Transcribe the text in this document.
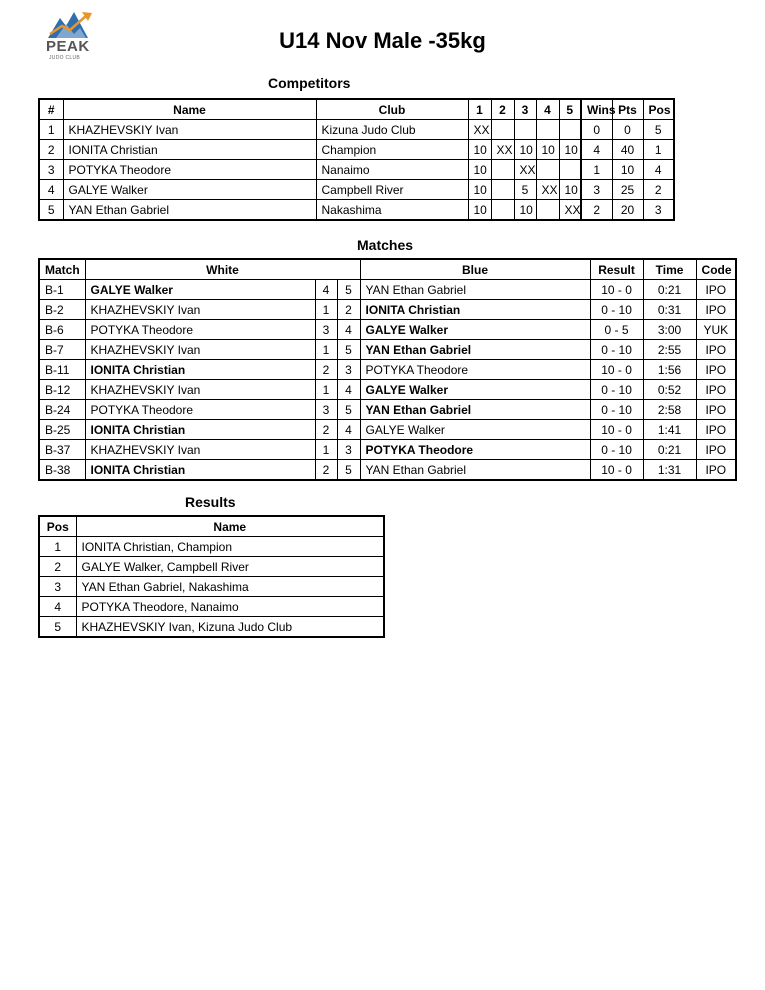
PEAK
JUDO CLUB
U14 Nov Male -35kg
Competitors
#	Name	Club	1	2	3	4	5	Wins	Pts	Pos
1	KHAZHEVSKIY Ivan	Kizuna Judo Club	XX					0	0	5
2	IONITA Christian	Champion	10	XX	10	10	10	4	40	1
3	POTYKA Theodore	Nanaimo	10		XX			1	10	4
4	GALYE Walker	Campbell River	10		5	XX	10	3	25	2
5	YAN Ethan Gabriel	Nakashima	10		10		XX	2	20	3
Matches
Match	White			Blue	Result	Time	Code
B-1	GALYE Walker	4	5	YAN Ethan Gabriel	10 - 0	0:21	IPO
B-2	KHAZHEVSKIY Ivan	1	2	IONITA Christian	0 - 10	0:31	IPO
B-6	POTYKA Theodore	3	4	GALYE Walker	0 - 5	3:00	YUK
B-7	KHAZHEVSKIY Ivan	1	5	YAN Ethan Gabriel	0 - 10	2:55	IPO
B-11	IONITA Christian	2	3	POTYKA Theodore	10 - 0	1:56	IPO
B-12	KHAZHEVSKIY Ivan	1	4	GALYE Walker	0 - 10	0:52	IPO
B-24	POTYKA Theodore	3	5	YAN Ethan Gabriel	0 - 10	2:58	IPO
B-25	IONITA Christian	2	4	GALYE Walker	10 - 0	1:41	IPO
B-37	KHAZHEVSKIY Ivan	1	3	POTYKA Theodore	0 - 10	0:21	IPO
B-38	IONITA Christian	2	5	YAN Ethan Gabriel	10 - 0	1:31	IPO
Results
Pos	Name
1	IONITA Christian, Champion
2	GALYE Walker, Campbell River
3	YAN Ethan Gabriel, Nakashima
4	POTYKA Theodore, Nanaimo
5	KHAZHEVSKIY Ivan, Kizuna Judo Club
